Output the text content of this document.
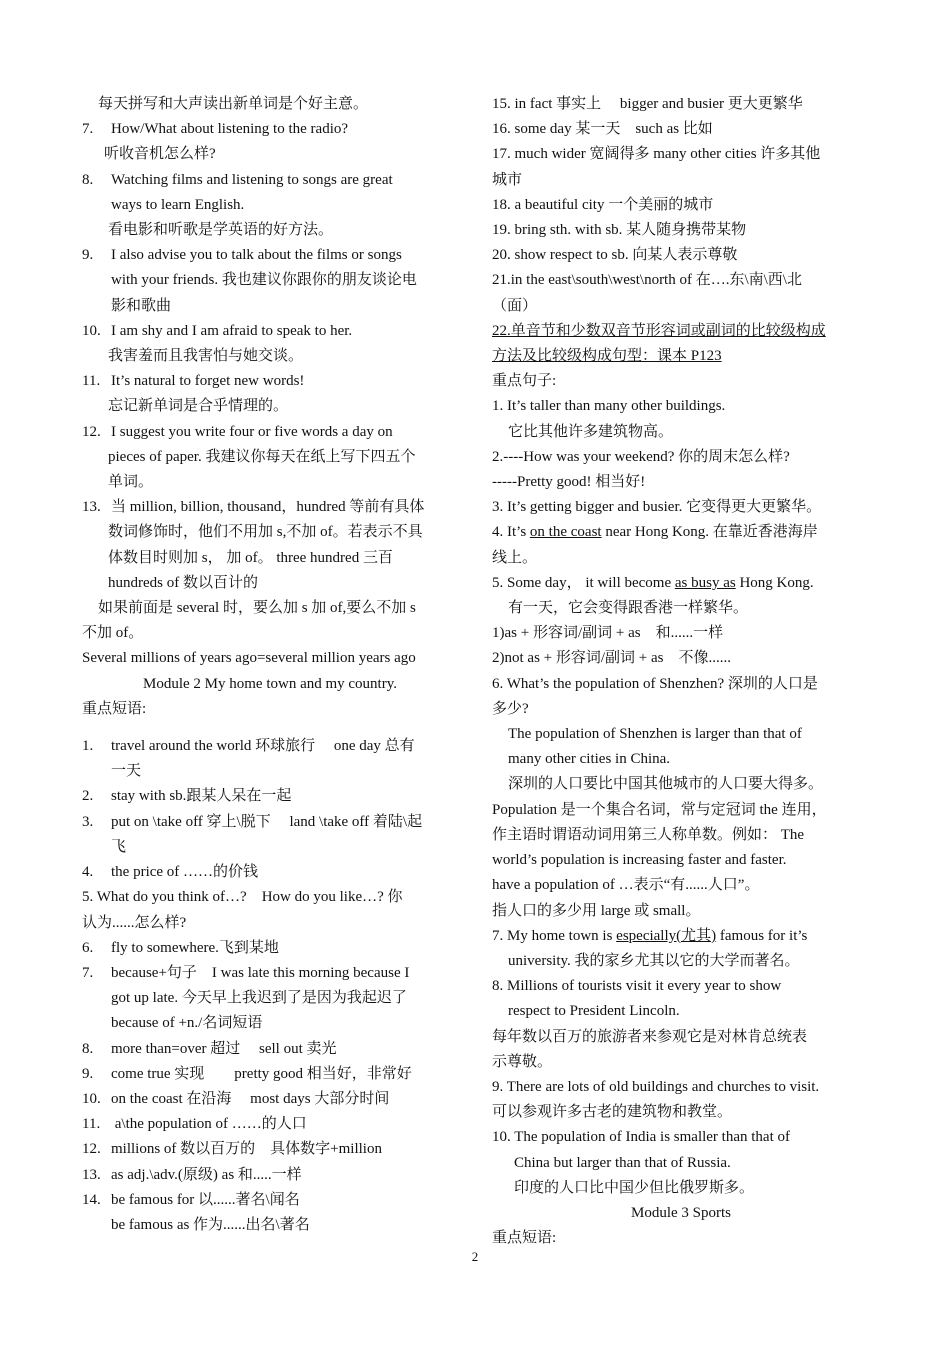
每天拼写和大声读出新单词是个好主意。
7. How/What about listening to the radio?
听收音机怎么样?
8. Watching films and listening to songs are great
ways to learn English.
看电影和听歌是学英语的好方法。
9. I also advise you to talk about the films or songs
with your friends. 我也建议你跟你的朋友谈论电
影和歌曲
10. I am shy and I am afraid to speak to her.
我害羞而且我害怕与她交谈。
11. It’s natural to forget new words!
忘记新单词是合乎情理的。
12. I suggest you write four or five words a day on
pieces of paper. 我建议你每天在纸上写下四五个
单词。
13. 当 million, billion, thousand，hundred 等前有具体
数词修饰时，他们不用加 s,不加 of。若表示不具
体数目时则加 s， 加 of。 three hundred 三百
hundreds of 数以百计的
如果前面是 several 时，要么加 s 加 of,要么不加 s
不加 of。
Several millions of years ago=several million years ago
Module 2 My home town and my country.
重点短语:
1. travel around the world 环球旅行　 one day 总有
一天
2. stay with sb.跟某人呆在一起
3. put on \take off 穿上\脱下　 land \take off 着陆\起
飞
4. the price of ……的价钱
5. What do you think of…?　How do you like…? 你
认为......怎么样?
6. fly to somewhere.飞到某地
7. because+句子　I was late this morning because I
got up late. 今天早上我迟到了是因为我起迟了
because of +n./名词短语
8. more than=over 超过　 sell out 卖光
9. come true 实现　　pretty good 相当好，非常好
10. on the coast 在沿海　 most days 大部分时间
11. a\the population of ……的人口
12. millions of 数以百万的　具体数字+million
13. as adj.\adv.(原级) as 和.....一样
14. be famous for 以......著名\闻名
be famous as 作为......出名\著名
15. in fact 事实上　 bigger and busier 更大更繁华
16. some day 某一天　such as 比如
17. much wider 宽阔得多 many other cities 许多其他
城市
18. a beautiful city 一个美丽的城市
19. bring sth. with sb. 某人随身携带某物
20. show respect to sb. 向某人表示尊敬
21.in the east\south\west\north of 在….东\南\西\北
（面）
22.单音节和少数双音节形容词或副词的比较级构成
方法及比较级构成句型：课本 P123
重点句子:
1. It’s taller than many other buildings.
它比其他许多建筑物高。
2.----How was your weekend? 你的周末怎么样?
-----Pretty good! 相当好!
3. It’s getting bigger and busier. 它变得更大更繁华。
4. It’s on the coast near Hong Kong. 在靠近香港海岸
线上。
5. Some day， it will become as busy as Hong Kong.
有一天，它会变得跟香港一样繁华。
1)as + 形容词/副词 + as　和......一样
2)not as + 形容词/副词 + as　不像......
6. What’s the population of Shenzhen? 深圳的人口是
多少?
The population of Shenzhen is larger than that of
many other cities in China.
深圳的人口要比中国其他城市的人口要大得多。
Population 是一个集合名词，常与定冠词 the 连用，
作主语时谓语动词用第三人称单数。例如： The
world’s population is increasing faster and faster.
have a population of …表示“有......人口”。
指人口的多少用 large 或 small。
7. My home town is especially(尤其) famous for it’s
university. 我的家乡尤其以它的大学而著名。
8. Millions of tourists visit it every year to show
respect to President Lincoln.
每年数以百万的旅游者来参观它是对林肯总统表
示尊敬。
9. There are lots of old buildings and churches to visit.
可以参观许多古老的建筑物和教堂。
10. The population of India is smaller than that of
China but larger than that of Russia.
印度的人口比中国少但比俄罗斯多。
Module 3 Sports
重点短语:
2
